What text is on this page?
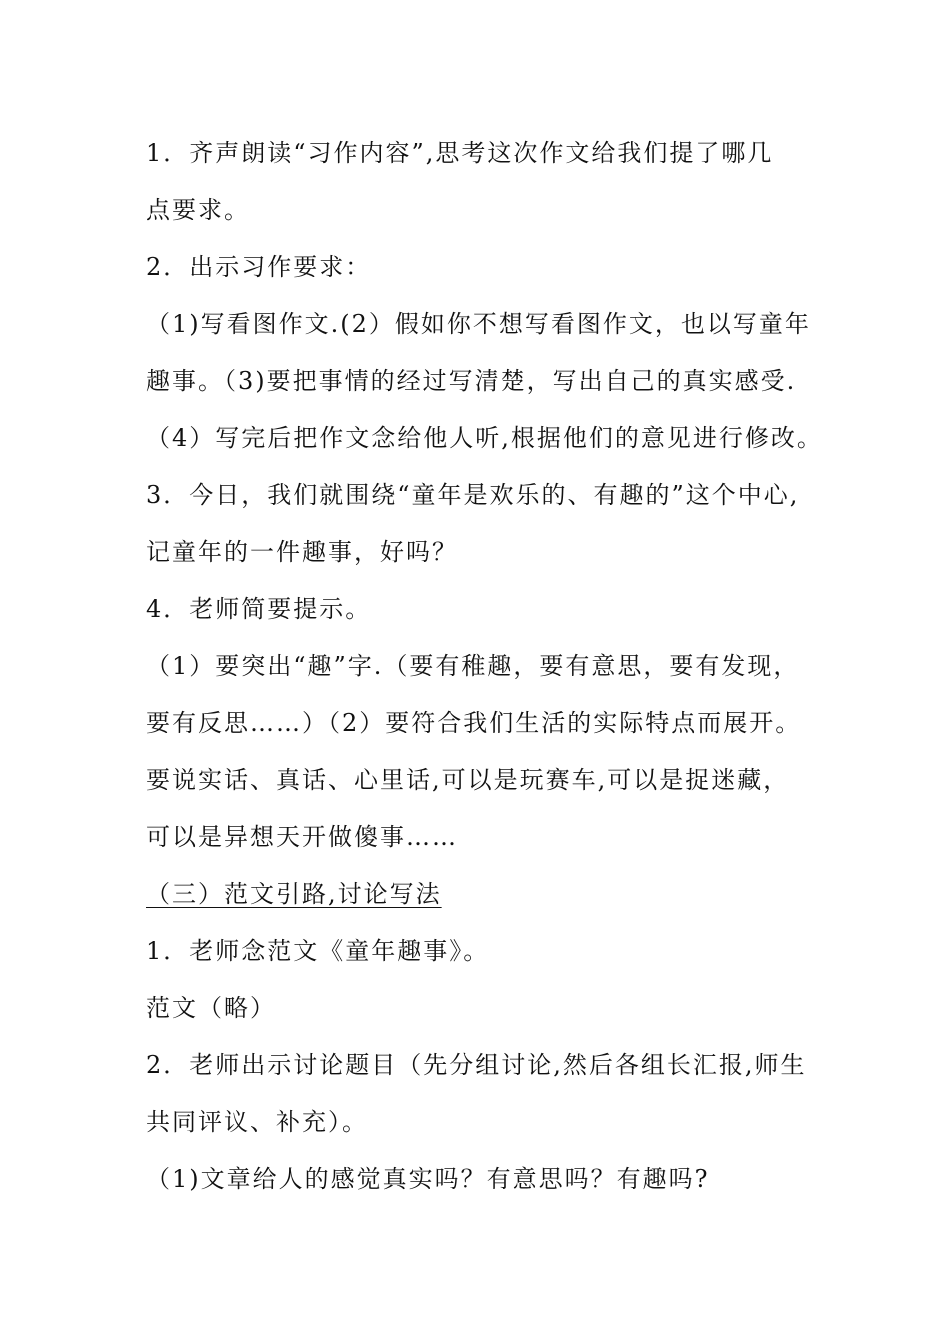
1．齐声朗读“习作内容”,思考这次作文给我们提了哪几
点要求。
2．出示习作要求：
（1)写看图作文.(2）假如你不想写看图作文，也以写童年
趣事。（3)要把事情的经过写清楚，写出自己的真实感受.
（4）写完后把作文念给他人听,根据他们的意见进行修改。
3．今日，我们就围绕“童年是欢乐的、有趣的”这个中心,
记童年的一件趣事，好吗？
4．老师简要提示。
（1）要突出“趣”字.（要有稚趣，要有意思，要有发现，
要有反思……）（2）要符合我们生活的实际特点而展开。
要说实话、真话、心里话,可以是玩赛车,可以是捉迷藏，
可以是异想天开做傻事……
（三）范文引路,讨论写法
1．老师念范文《童年趣事》。
范文（略）
2．老师出示讨论题目（先分组讨论,然后各组长汇报,师生
共同评议、补充）。
（1)文章给人的感觉真实吗？有意思吗？有趣吗?
